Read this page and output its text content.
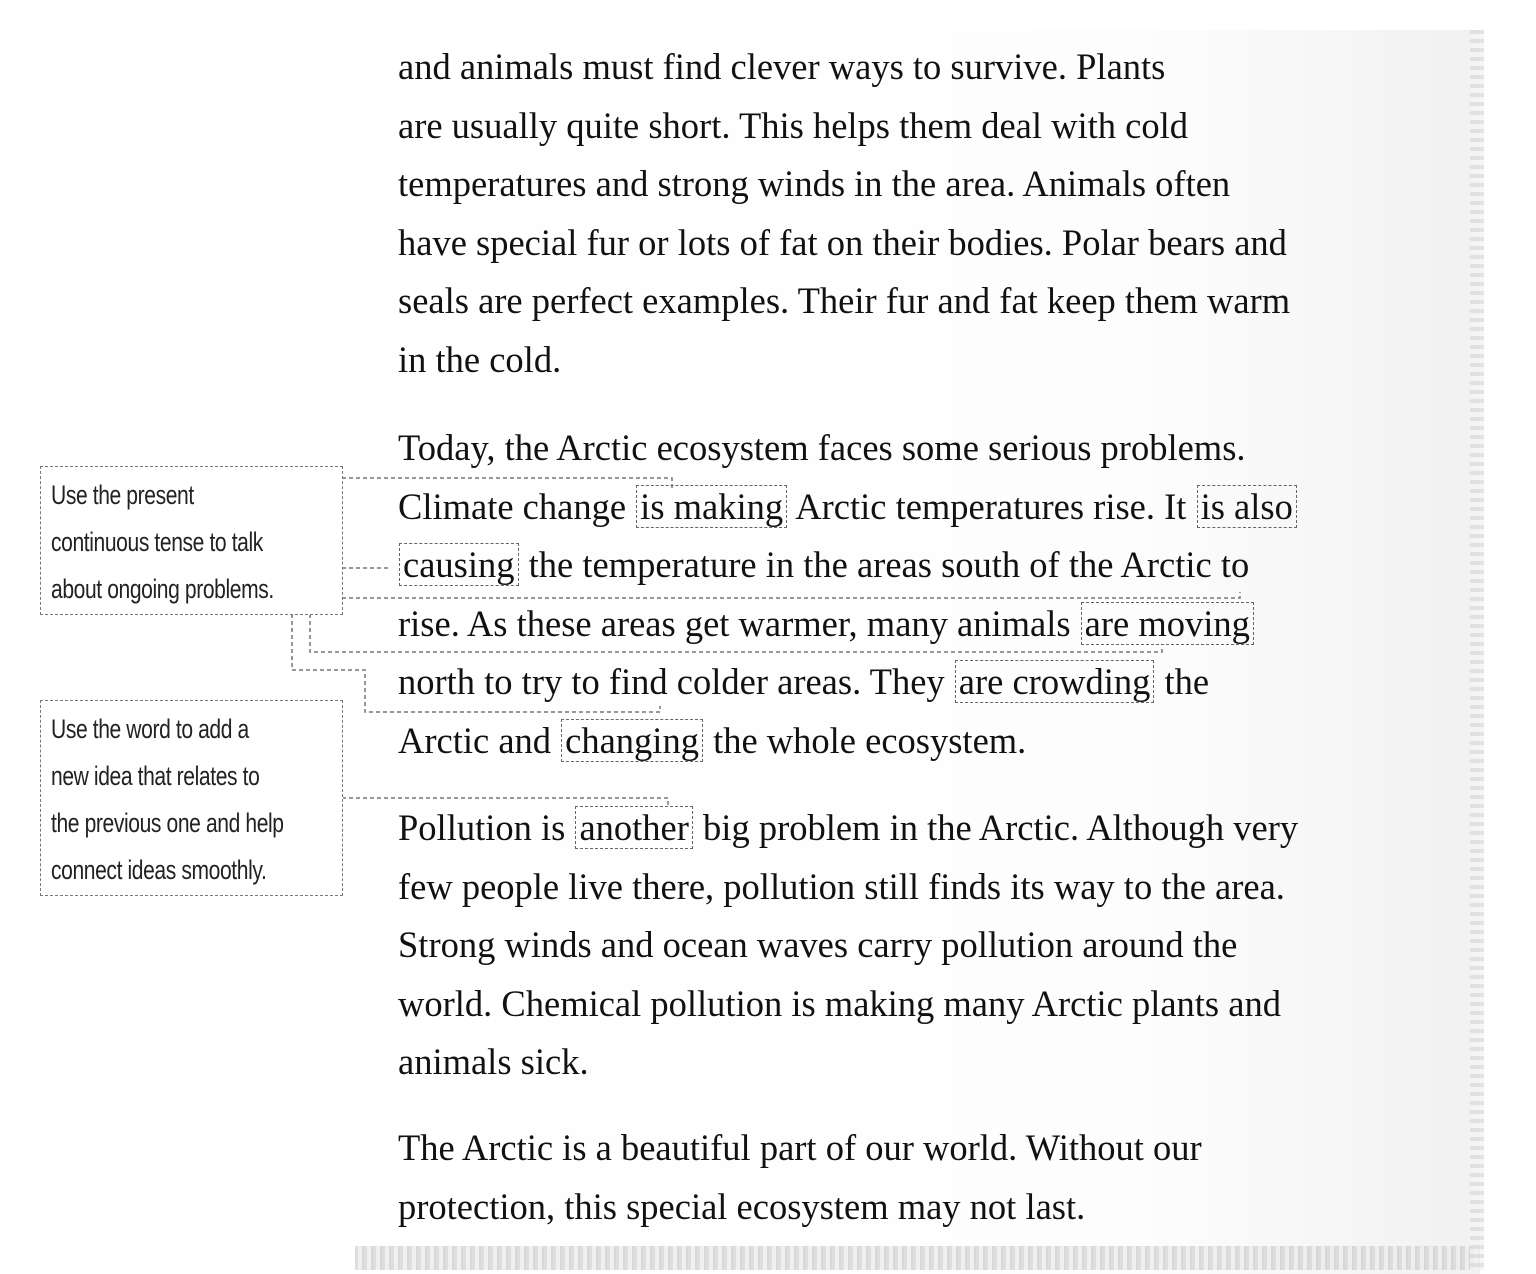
Use the present
continuous tense to talk
about ongoing problems.
Use the word to add a
new idea that relates to
the previous one and help
connect ideas smoothly.
and animals must find clever ways to survive. Plants
are usually quite short. This helps them deal with cold
temperatures and strong winds in the area. Animals often
have special fur or lots of fat on their bodies. Polar bears and
seals are perfect examples. Their fur and fat keep them warm
in the cold.
Today, the Arctic ecosystem faces some serious problems.
Climate change is making Arctic temperatures rise. It is also
causing the temperature in the areas south of the Arctic to
rise. As these areas get warmer, many animals are moving
north to try to find colder areas. They are crowding the
Arctic and changing the whole ecosystem.
Pollution is another big problem in the Arctic. Although very
few people live there, pollution still finds its way to the area.
Strong winds and ocean waves carry pollution around the
world. Chemical pollution is making many Arctic plants and
animals sick.
The Arctic is a beautiful part of our world. Without our
protection, this special ecosystem may not last.
